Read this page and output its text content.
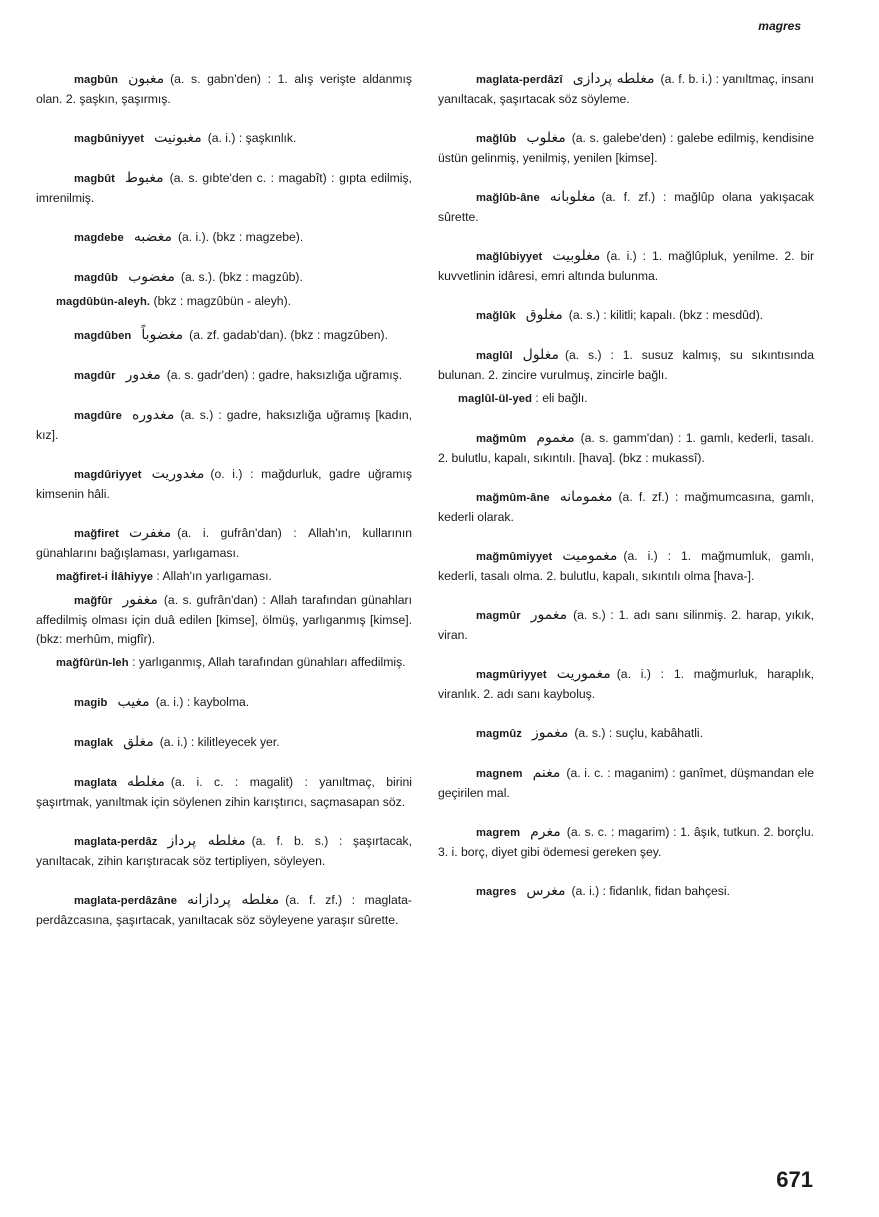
magres

magbûn مغبون (a. s. gabn'den) : 1. alış verişte aldanmış olan. 2. şaşkın, şaşırmış.

magbûniyyet مغبونيت (a. i.) : şaşkınlık.

magbût مغبوط (a. s. gıbte'den c. : magabît) : gıpta edilmiş, imrenilmiş.

magdebe مغضبه (a. i.). (bkz : magzebe).

magdûb مغضوب (a. s.). (bkz : magzûb).

magdûbün-aleyh. (bkz : magzûbün - aleyh).

magdûben مغضوباً (a. zf. gadab'dan). (bkz : magzûben).

magdûr مغدور (a. s. gadr'den) : gadre, haksızlığa uğramış.

magdûre مغدوره (a. s.) : gadre, haksızlığa uğramış [kadın, kız].

magdûriyyet مغدوريت (o. i.) : mağdurluk, gadre uğramış kimsenin hâli.

mağfiret مغفرت (a. i. gufrân'dan) : Allah'ın, kullarının günahlarını bağışlaması, yarlıgaması.

mağfiret-i İlâhiyye : Allah'ın yarlıgaması.

mağfûr مغفور (a. s. gufrân'dan) : Allah tarafından günahları affedilmiş olması için duâ edilen [kimse], ölmüş, yarlıganmış [kimse]. (bkz: merhûm, migfîr).

mağfûrün-leh : yarlıganmış, Allah tarafından günahları affedilmiş.

magib مغيب (a. i.) : kaybolma.

maglak مغلق (a. i.) : kilitleyecek yer.

maglata مغلطه (a. i. c. : magalit) : yanıltmaç, birini şaşırtmak, yanıltmak için söylenen zihin karıştırıcı, saçmasapan söz.

maglata-perdâz مغلطه پرداز (a. f. b. s.) : şaşırtacak, yanıltacak, zihin karıştıracak söz tertipliyen, söyleyen.

maglata-perdâzâne مغلطه پردازانه (a. f. zf.) : maglata-perdâzcasına, şaşırtacak, yanıltacak söz söyleyene yaraşır sûrette.

maglata-perdâzî مغلطه پردازى (a. f. b. i.) : yanıltmaç, insanı yanıltacak, şaşırtacak söz söyleme.

mağlûb مغلوب (a. s. galebe'den) : galebe edilmiş, kendisine üstün gelinmiş, yenilmiş, yenilen [kimse].

mağlûb-âne مغلوبانه (a. f. zf.) : mağlûp olana yakışacak sûrette.

mağlûbiyyet مغلوبيت (a. i.) : 1. mağlûpluk, yenilme. 2. bir kuvvetlinin idâresi, emri altında bulunma.

mağlûk مغلوق (a. s.) : kilitli; kapalı. (bkz : mesdûd).

maglûl مغلول (a. s.) : 1. susuz kalmış, su sıkıntısında bulunan. 2. zincire vurulmuş, zincirle bağlı.

maglûl-ül-yed : eli bağlı.

mağmûm مغموم (a. s. gamm'dan) : 1. gamlı, kederli, tasalı. 2. bulutlu, kapalı, sıkıntılı. [hava]. (bkz : mukassî).

mağmûm-âne مغمومانه (a. f. zf.) : mağmumcasına, gamlı, kederli olarak.

mağmûmiyyet مغموميت (a. i.) : 1. mağmumluk, gamlı, kederli, tasalı olma. 2. bulutlu, kapalı, sıkıntılı olma [hava-].

magmûr مغمور (a. s.) : 1. adı sanı silinmiş. 2. harap, yıkık, viran.

magmûriyyet مغموريت (a. i.) : 1. mağmurluk, haraplık, viranlık. 2. adı sanı kayboluş.

magmûz مغموز (a. s.) : suçlu, kabâhatli.

magnem مغنم (a. i. c. : maganim) : ganîmet, düşmandan ele geçirilen mal.

magrem مغرم (a. s. c. : magarim) : 1. âşık, tutkun. 2. borçlu. 3. i. borç, diyet gibi ödemesi gereken şey.

magres مغرس (a. i.) : fidanlık, fidan bahçesi.

671
